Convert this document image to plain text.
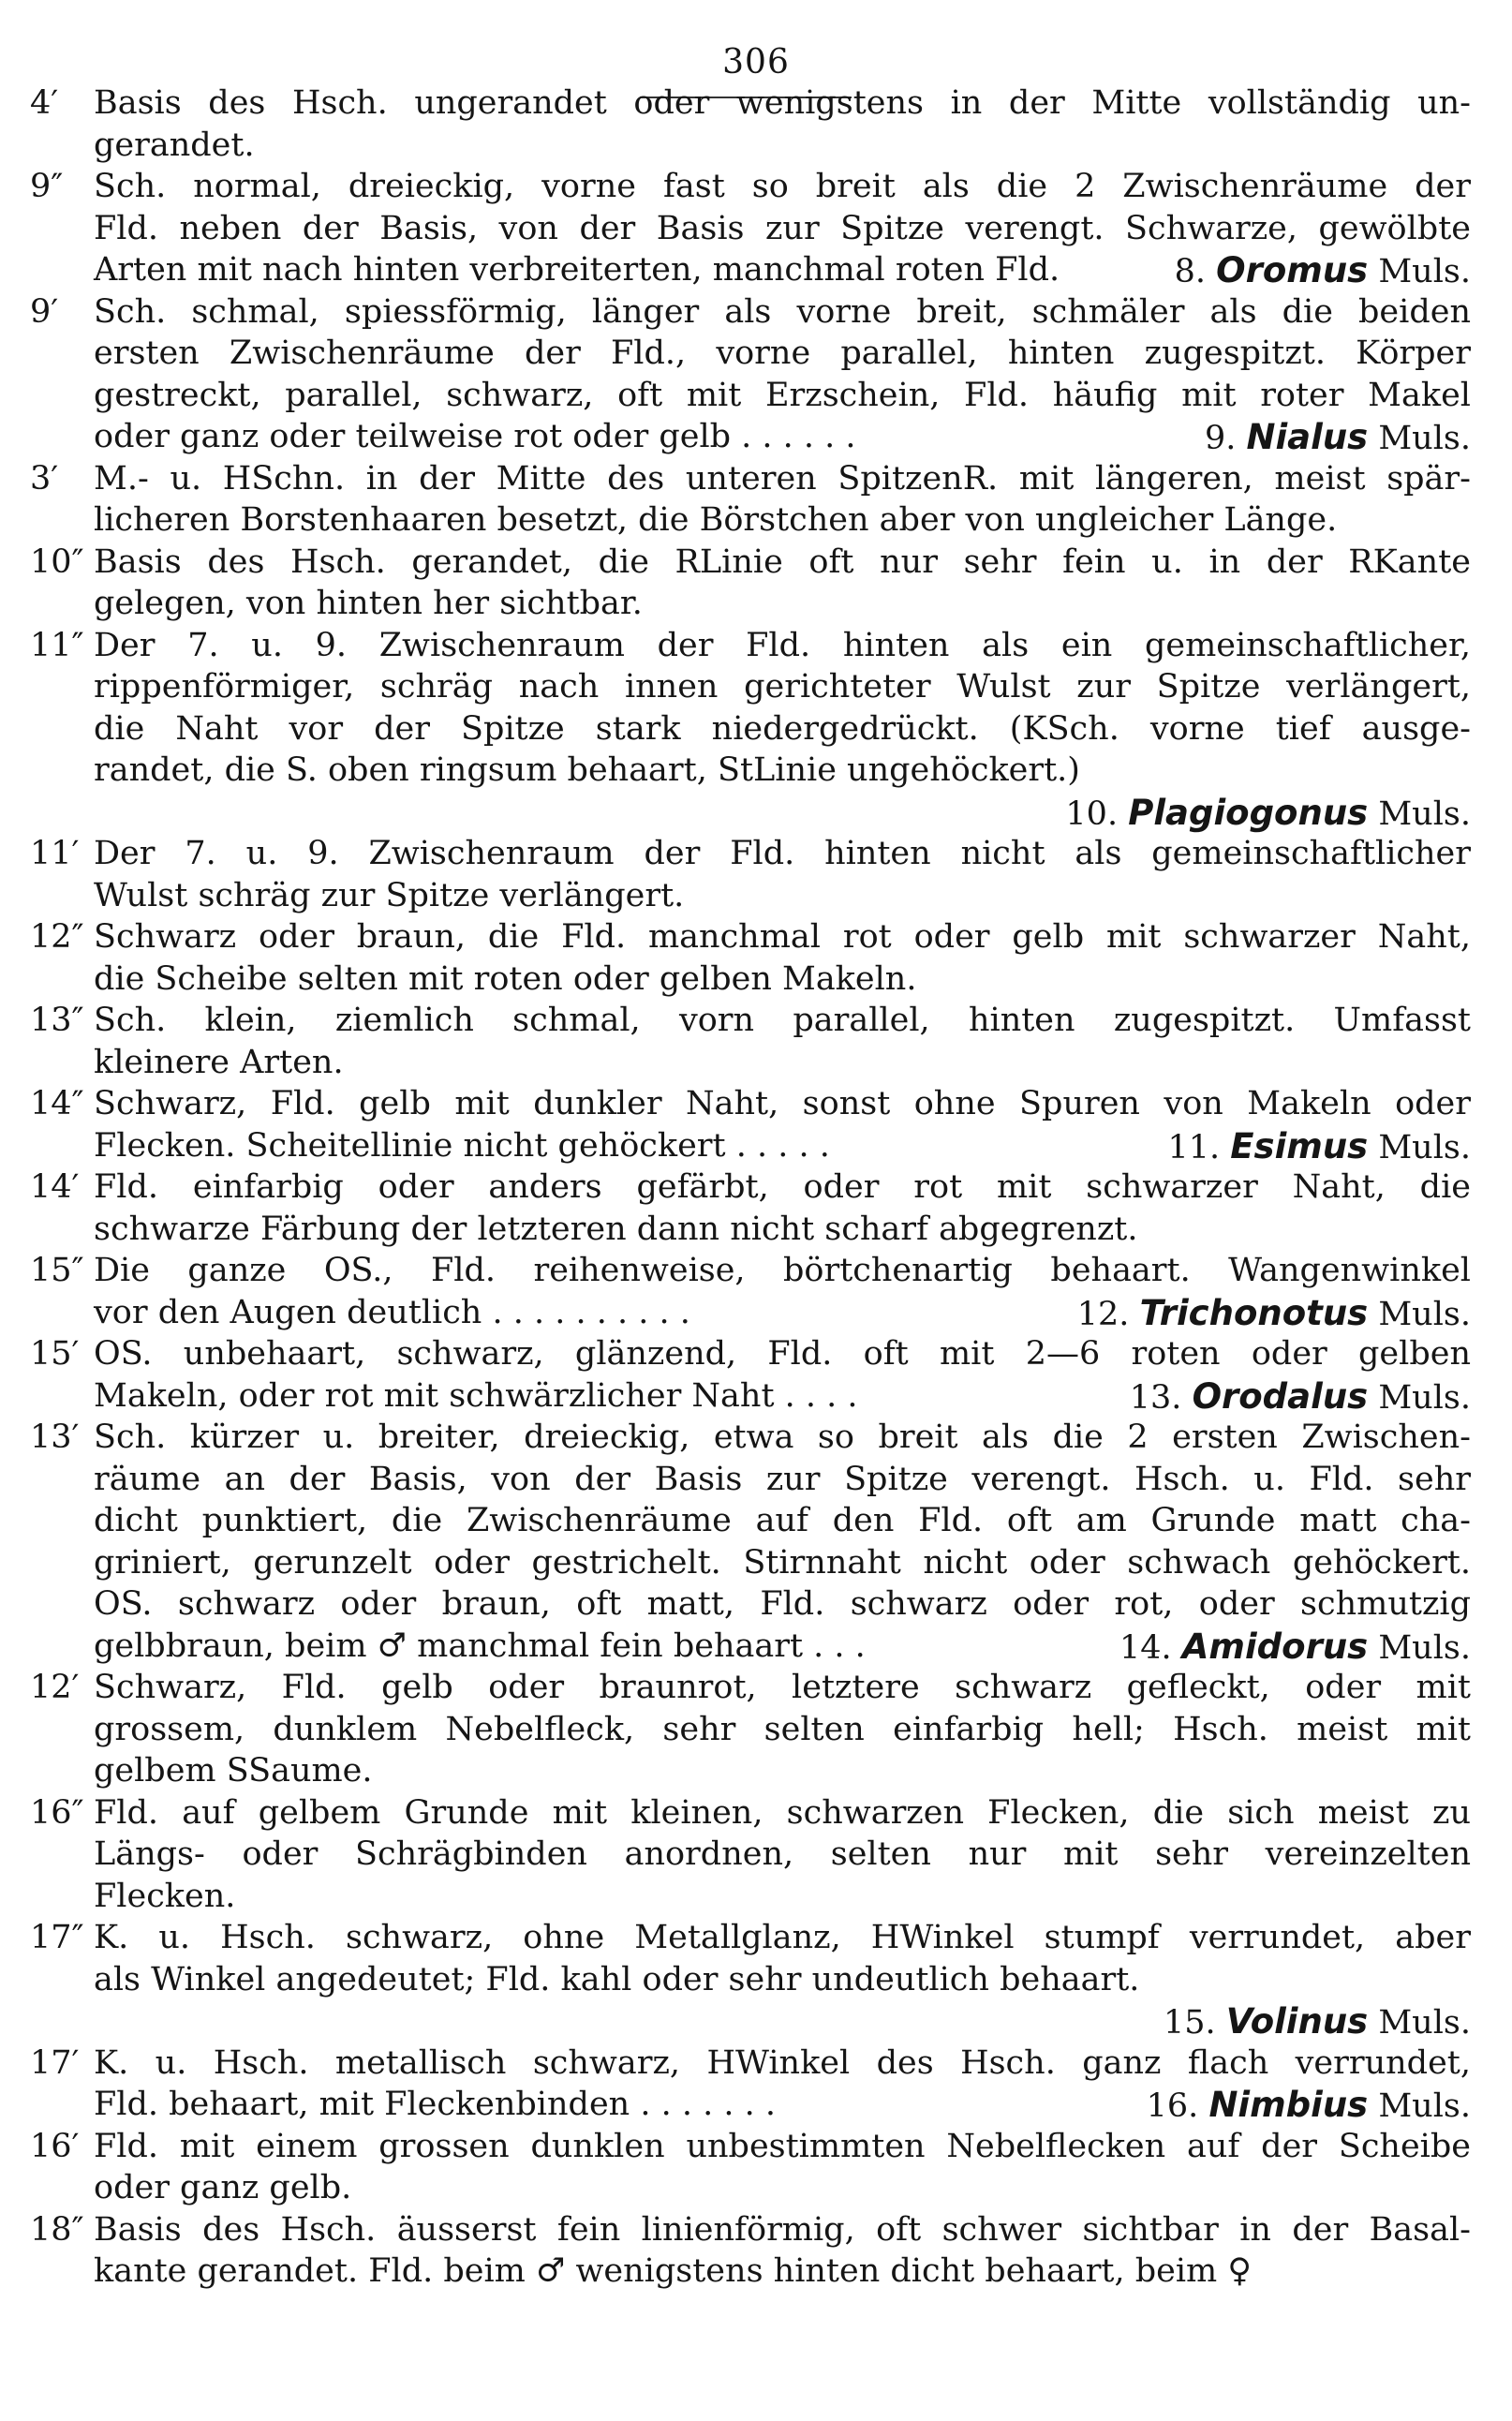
306
4′	Basis des Hsch. ungerandet oder wenigstens in der Mitte vollständig un-
gerandet.
9″ Sch. normal, dreieckig, vorne fast so breit als die 2 Zwischenräume der
Fld. neben der Basis, von der Basis zur Spitze verengt. Schwarze, gewölbte
Arten mit nach hinten verbreiterten, manchmal roten Fld.	8. Oromus Muls.
9′	Sch. schmal, spiessförmig, länger als vorne breit, schmäler als die beiden
ersten Zwischenräume der Fld., vorne parallel, hinten zugespitzt. Körper
gestreckt, parallel, schwarz, oft mit Erzschein, Fld. häufig mit roter Makel
oder ganz oder teilweise rot oder gelb . . . . . .	9. Nialus Muls.
3′	M.- u. HSchn. in der Mitte des unteren SpitzenR. mit längeren, meist spär-
licheren Borstenhaaren besetzt, die Börstchen aber von ungleicher Länge.
10″ Basis des Hsch. gerandet, die RLinie oft nur sehr fein u. in der RKante
gelegen, von hinten her sichtbar.
11″ Der 7. u. 9. Zwischenraum der Fld. hinten als ein gemeinschaftlicher,
rippenförmiger, schräg nach innen gerichteter Wulst zur Spitze verlängert,
die Naht vor der Spitze stark niedergedrückt. (KSch. vorne tief ausge-
randet, die S. oben ringsum behaart, StLinie ungehöckert.)
10. Plagiogonus Muls.
11′ Der 7. u. 9. Zwischenraum der Fld. hinten nicht als gemeinschaftlicher
Wulst schräg zur Spitze verlängert.
12″ Schwarz oder braun, die Fld. manchmal rot oder gelb mit schwarzer Naht,
die Scheibe selten mit roten oder gelben Makeln.
13″ Sch. klein, ziemlich schmal, vorn parallel, hinten zugespitzt. Umfasst
kleinere Arten.
14″ Schwarz, Fld. gelb mit dunkler Naht, sonst ohne Spuren von Makeln oder
Flecken. Scheitellinie nicht gehöckert . . . . .	11. Esimus Muls.
14′ Fld. einfarbig oder anders gefärbt, oder rot mit schwarzer Naht, die
schwarze Färbung der letzteren dann nicht scharf abgegrenzt.
15″ Die ganze OS., Fld. reihenweise, börtchenartig behaart. Wangenwinkel
vor den Augen deutlich . . . . . . . . . .	12. Trichonotus Muls.
15′ OS. unbehaart, schwarz, glänzend, Fld. oft mit 2—6 roten oder gelben
Makeln, oder rot mit schwärzlicher Naht . . . .	13. Orodalus Muls.
13′ Sch. kürzer u. breiter, dreieckig, etwa so breit als die 2 ersten Zwischen-
räume an der Basis, von der Basis zur Spitze verengt. Hsch. u. Fld. sehr
dicht punktiert, die Zwischenräume auf den Fld. oft am Grunde matt cha-
griniert, gerunzelt oder gestrichelt. Stirnnaht nicht oder schwach gehöckert.
OS. schwarz oder braun, oft matt, Fld. schwarz oder rot, oder schmutzig
gelbbraun, beim ♂ manchmal fein behaart . . .	14. Amidorus Muls.
12′ Schwarz, Fld. gelb oder braunrot, letztere schwarz gefleckt, oder mit
grossem, dunklem Nebelfleck, sehr selten einfarbig hell; Hsch. meist mit
gelbem SSaume.
16″ Fld. auf gelbem Grunde mit kleinen, schwarzen Flecken, die sich meist zu
Längs- oder Schrägbinden anordnen, selten nur mit sehr vereinzelten
Flecken.
17″ K. u. Hsch. schwarz, ohne Metallglanz, HWinkel stumpf verrundet, aber
als Winkel angedeutet; Fld. kahl oder sehr undeutlich behaart.
15. Volinus Muls.
17′ K. u. Hsch. metallisch schwarz, HWinkel des Hsch. ganz flach verrundet,
Fld. behaart, mit Fleckenbinden . . . . . . .	16. Nimbius Muls.
16′ Fld. mit einem grossen dunklen unbestimmten Nebelflecken auf der Scheibe
oder ganz gelb.
18″ Basis des Hsch. äusserst fein linienförmig, oft schwer sichtbar in der Basal-
kante gerandet. Fld. beim ♂ wenigstens hinten dicht behaart, beim ♀
